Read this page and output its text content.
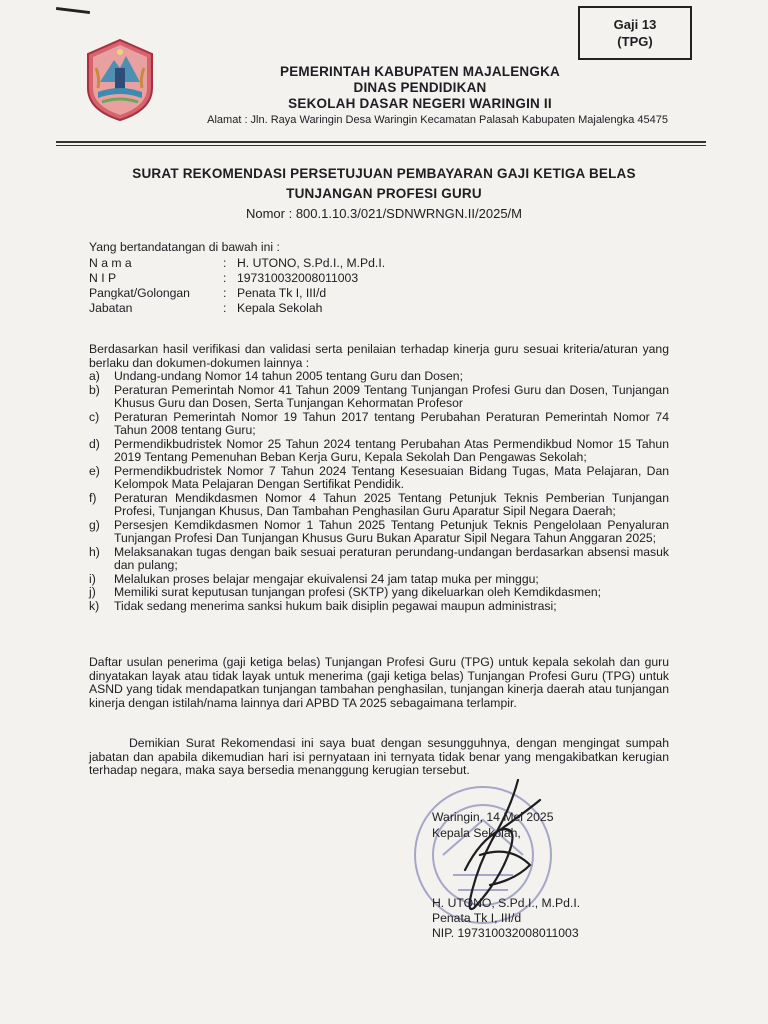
Gaji 13
(TPG)
PEMERINTAH KABUPATEN MAJALENGKA
DINAS PENDIDIKAN
SEKOLAH DASAR NEGERI WARINGIN II
Alamat : Jln. Raya Waringin Desa Waringin Kecamatan Palasah Kabupaten Majalengka 45475
SURAT REKOMENDASI PERSETUJUAN PEMBAYARAN GAJI KETIGA BELAS
TUNJANGAN PROFESI GURU
Nomor : 800.1.10.3/021/SDNWRNGN.II/2025/M
Yang bertandatangan di bawah ini :
N a m a	: H. UTONO, S.Pd.I., M.Pd.I.
N I P	: 197310032008011003
Pangkat/Golongan	: Penata Tk I, III/d
Jabatan	: Kepala Sekolah
Berdasarkan hasil verifikasi dan validasi serta penilaian terhadap kinerja guru sesuai kriteria/aturan yang berlaku dan dokumen-dokumen lainnya :
a)	Undang-undang Nomor 14 tahun 2005 tentang Guru dan Dosen;
b)	Peraturan Pemerintah Nomor 41 Tahun 2009 Tentang Tunjangan Profesi Guru dan Dosen, Tunjangan Khusus Guru dan Dosen, Serta Tunjangan Kehormatan Profesor
c)	Peraturan Pemerintah Nomor 19 Tahun 2017 tentang Perubahan Peraturan Pemerintah Nomor 74 Tahun 2008 tentang Guru;
d)	Permendikbudristek Nomor 25 Tahun 2024 tentang Perubahan Atas Permendikbud Nomor 15 Tahun 2019 Tentang Pemenuhan Beban Kerja Guru, Kepala Sekolah Dan Pengawas Sekolah;
e)	Permendikbudristek Nomor 7 Tahun 2024 Tentang Kesesuaian Bidang Tugas, Mata Pelajaran, Dan Kelompok Mata Pelajaran Dengan Sertifikat Pendidik.
f)	Peraturan Mendikdasmen Nomor 4 Tahun 2025 Tentang Petunjuk Teknis Pemberian Tunjangan Profesi, Tunjangan Khusus, Dan Tambahan Penghasilan Guru Aparatur Sipil Negara Daerah;
g)	Persesjen Kemdikdasmen Nomor 1 Tahun 2025 Tentang Petunjuk Teknis Pengelolaan Penyaluran Tunjangan Profesi Dan Tunjangan Khusus Guru Bukan Aparatur Sipil Negara Tahun Anggaran 2025;
h)	Melaksanakan tugas dengan baik sesuai peraturan perundang-undangan berdasarkan absensi masuk dan pulang;
i)	Melalukan proses belajar mengajar ekuivalensi 24 jam tatap muka per minggu;
j)	Memiliki surat keputusan tunjangan profesi (SKTP) yang dikeluarkan oleh Kemdikdasmen;
k)	Tidak sedang menerima sanksi hukum baik disiplin pegawai maupun administrasi;
Daftar usulan penerima (gaji ketiga belas) Tunjangan Profesi Guru (TPG) untuk kepala sekolah dan guru dinyatakan layak atau tidak layak untuk menerima (gaji ketiga belas) Tunjangan Profesi Guru (TPG) untuk ASND yang tidak mendapatkan tunjangan tambahan penghasilan, tunjangan kinerja daerah atau tunjangan kinerja dengan istilah/nama lainnya dari APBD TA 2025 sebagaimana terlampir.
Demikian Surat Rekomendasi ini saya buat dengan sesungguhnya, dengan mengingat sumpah jabatan dan apabila dikemudian hari isi pernyataan ini ternyata tidak benar yang mengakibatkan kerugian terhadap negara, maka saya bersedia menanggung kerugian tersebut.
Waringin, 14 Mei 2025
Kepala Sekolah,
H. UTONO, S.Pd.I., M.Pd.I.
Penata Tk I, III/d
NIP. 197310032008011003
